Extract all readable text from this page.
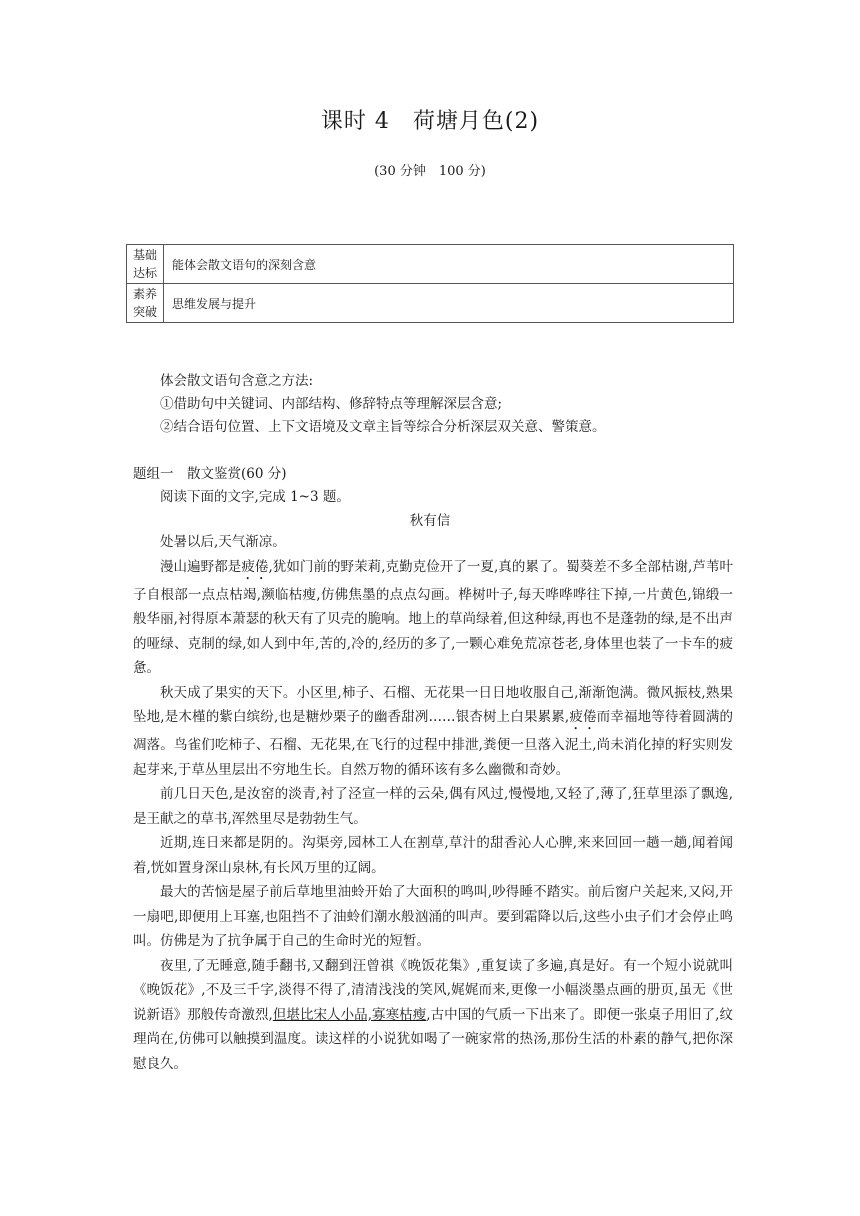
课时 4　荷塘月色(2)
(30 分钟　100 分)
基础
达标	能体会散文语句的深刻含意
素养
突破	思维发展与提升
体会散文语句含意之方法:
①借助句中关键词、内部结构、修辞特点等理解深层含意;
②结合语句位置、上下文语境及文章主旨等综合分析深层双关意、警策意。
题组一　散文鉴赏(60 分)
阅读下面的文字,完成 1~3 题。
秋有信

处暑以后,天气渐凉。

漫山遍野都是疲倦,犹如门前的野茉莉,克勤克俭开了一夏,真的累了。蜀葵差不多全部枯谢,芦苇叶子自根部一点点枯竭,濒临枯瘦,仿佛焦墨的点点勾画。桦树叶子,每天哗哗哗往下掉,一片黄色,锦缎一般华丽,衬得原本萧瑟的秋天有了贝壳的脆响。地上的草尚绿着,但这种绿,再也不是蓬勃的绿,是不出声的哑绿、克制的绿,如人到中年,苦的,冷的,经历的多了,一颗心难免荒凉苍老,身体里也装了一卡车的疲惫。

秋天成了果实的天下。小区里,柿子、石榴、无花果一日日地收服自己,渐渐饱满。微风振枝,熟果坠地,是木槿的紫白缤纷,也是糖炒栗子的幽香甜冽……银杏树上白果累累,疲倦而幸福地等待着圆满的凋落。鸟雀们吃柿子、石榴、无花果,在飞行的过程中排泄,粪便一旦落入泥土,尚未消化掉的籽实则发起芽来,于草丛里层出不穷地生长。自然万物的循环该有多么幽微和奇妙。

前几日天色,是汝窑的淡青,衬了泾宣一样的云朵,偶有风过,慢慢地,又轻了,薄了,狂草里添了飘逸,是王献之的草书,浑然里尽是勃勃生气。

近期,连日来都是阴的。沟渠旁,园林工人在割草,草汁的甜香沁人心脾,来来回回一趟一趟,闻着闻着,恍如置身深山泉林,有长风万里的辽阔。

最大的苦恼是屋子前后草地里油蛉开始了大面积的鸣叫,吵得睡不踏实。前后窗户关起来,又闷,开一扇吧,即便用上耳塞,也阻挡不了油蛉们潮水般汹涌的叫声。要到霜降以后,这些小虫子们才会停止鸣叫。仿佛是为了抗争属于自己的生命时光的短暂。

夜里,了无睡意,随手翻书,又翻到汪曾祺《晚饭花集》,重复读了多遍,真是好。有一个短小说就叫《晚饭花》,不及三千字,淡得不得了,清清浅浅的笑风,娓娓而来,更像一小幅淡墨点画的册页,虽无《世说新语》那般传奇激烈,但堪比宋人小品,寡寒枯瘦,古中国的气质一下出来了。即便一张桌子用旧了,纹理尚在,仿佛可以触摸到温度。读这样的小说犹如喝了一碗家常的热汤,那份生活的朴素的静气,把你深慰良久。
